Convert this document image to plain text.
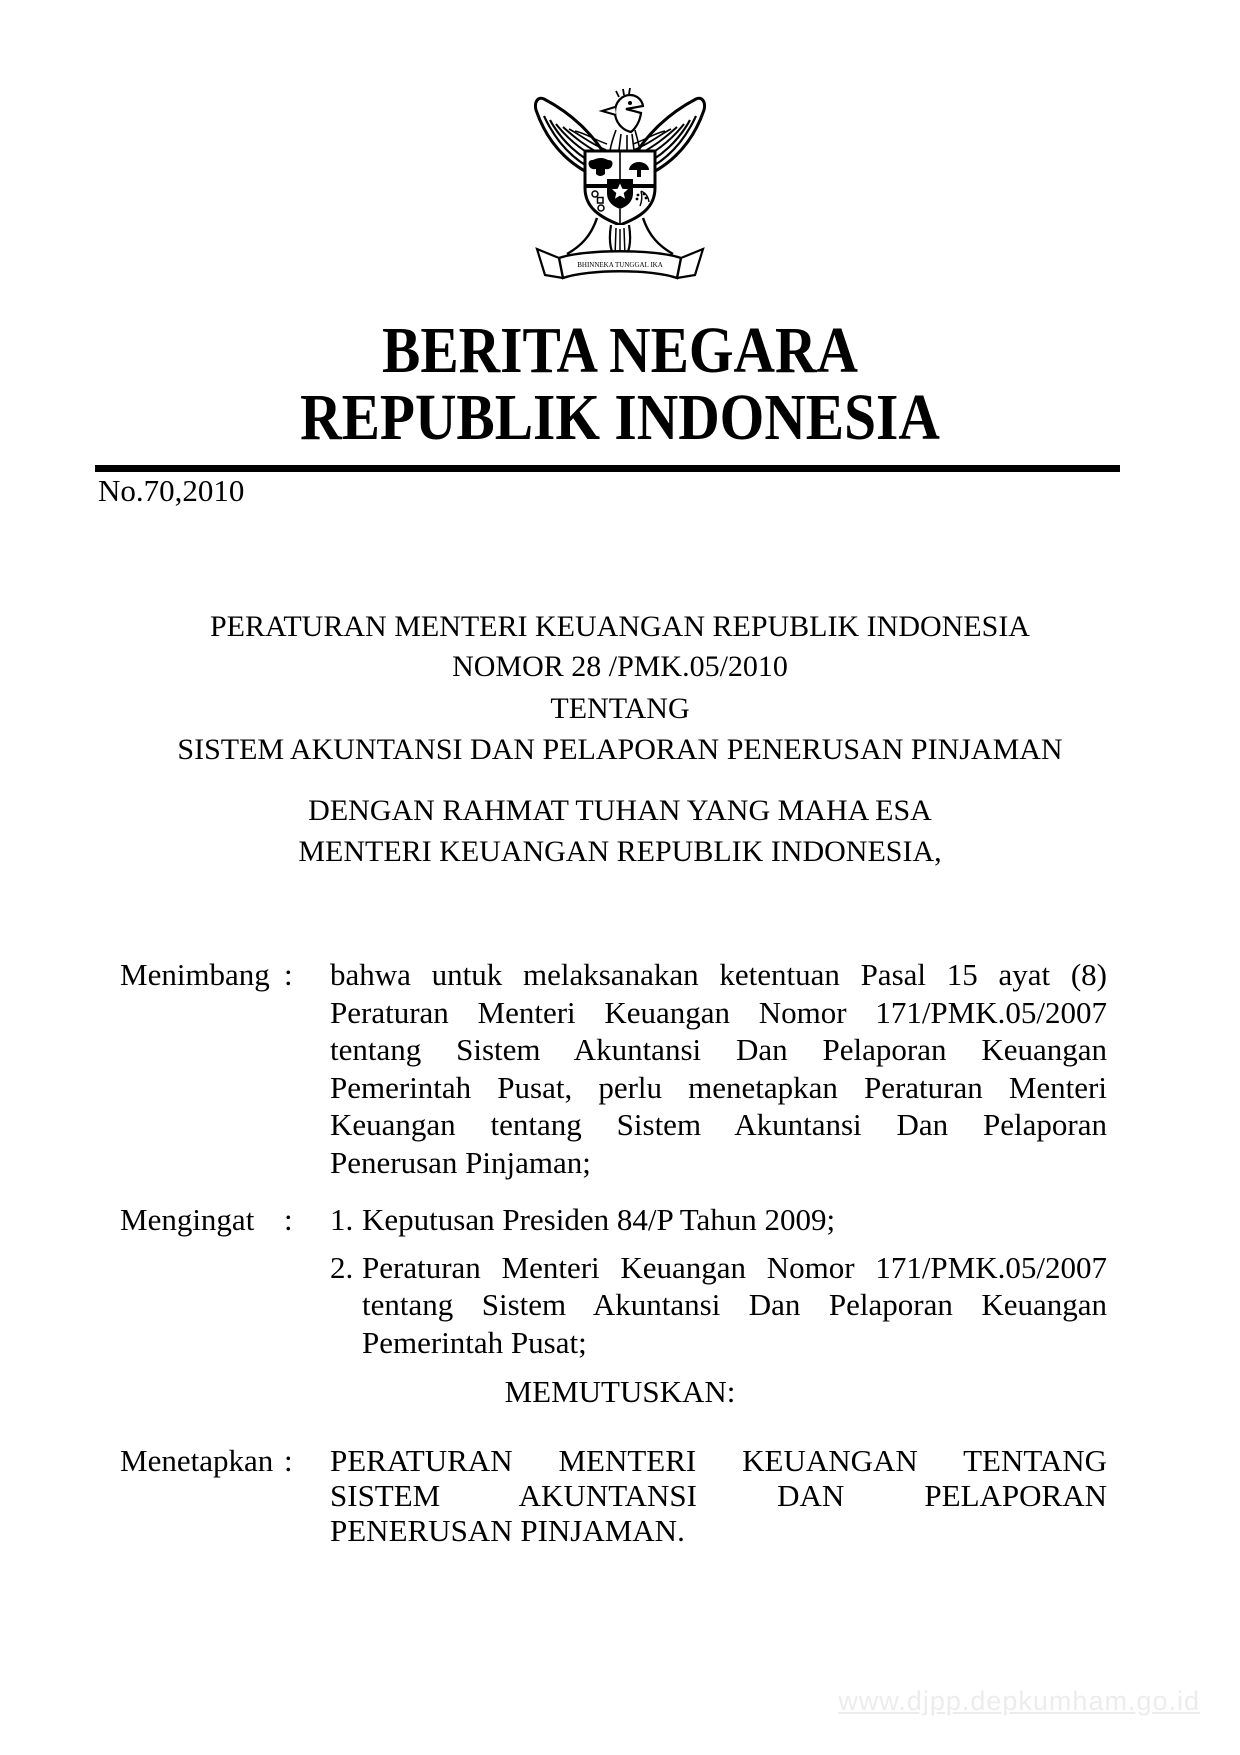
BHINNEKA TUNGGAL IKA
BERITA NEGARA
REPUBLIK INDONESIA
No.70,2010
PERATURAN MENTERI KEUANGAN REPUBLIK INDONESIA
NOMOR 28 /PMK.05/2010
TENTANG
SISTEM AKUNTANSI DAN PELAPORAN PENERUSAN PINJAMAN
DENGAN RAHMAT TUHAN YANG MAHA ESA
MENTERI KEUANGAN REPUBLIK INDONESIA,
Menimbang : bahwa untuk melaksanakan ketentuan Pasal 15 ayat (8)
Peraturan Menteri Keuangan Nomor 171/PMK.05/2007
tentang Sistem Akuntansi Dan Pelaporan Keuangan
Pemerintah Pusat, perlu menetapkan Peraturan Menteri
Keuangan tentang Sistem Akuntansi Dan Pelaporan
Penerusan Pinjaman;
Mengingat : 1. Keputusan Presiden 84/P Tahun 2009;
2. Peraturan Menteri Keuangan Nomor 171/PMK.05/2007
tentang Sistem Akuntansi Dan Pelaporan Keuangan
Pemerintah Pusat;
MEMUTUSKAN:
Menetapkan : PERATURAN MENTERI KEUANGAN TENTANG
SISTEM AKUNTANSI DAN PELAPORAN
PENERUSAN PINJAMAN.
www.djpp.depkumham.go.id
